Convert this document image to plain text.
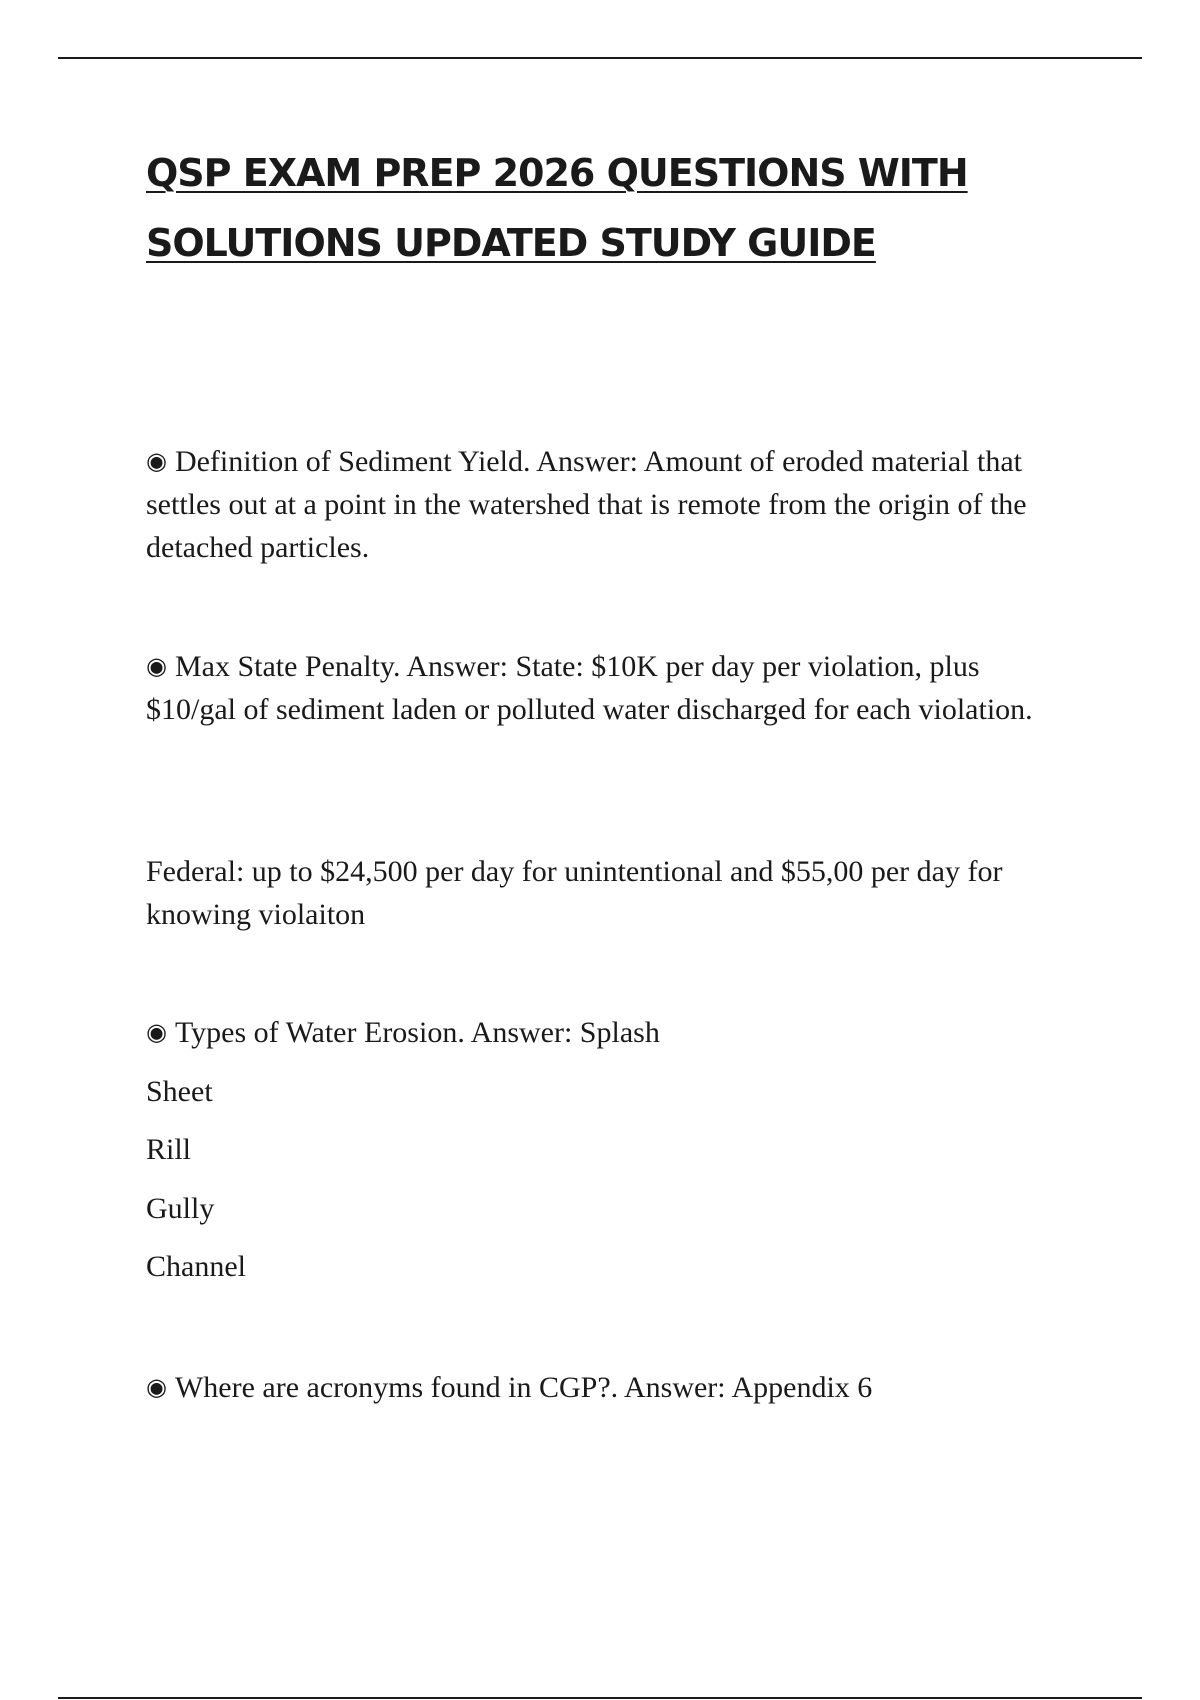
QSP EXAM PREP 2026 QUESTIONS WITH
SOLUTIONS UPDATED STUDY GUIDE

◉ Definition of Sediment Yield. Answer: Amount of eroded material that settles out at a point in the watershed that is remote from the origin of the detached particles.

◉ Max State Penalty. Answer: State: $10K per day per violation, plus $10/gal of sediment laden or polluted water discharged for each violation.

Federal: up to $24,500 per day for unintentional and $55,00 per day for knowing violaiton

◉ Types of Water Erosion. Answer: Splash

Sheet

Rill

Gully

Channel

◉ Where are acronyms found in CGP?. Answer: Appendix 6
